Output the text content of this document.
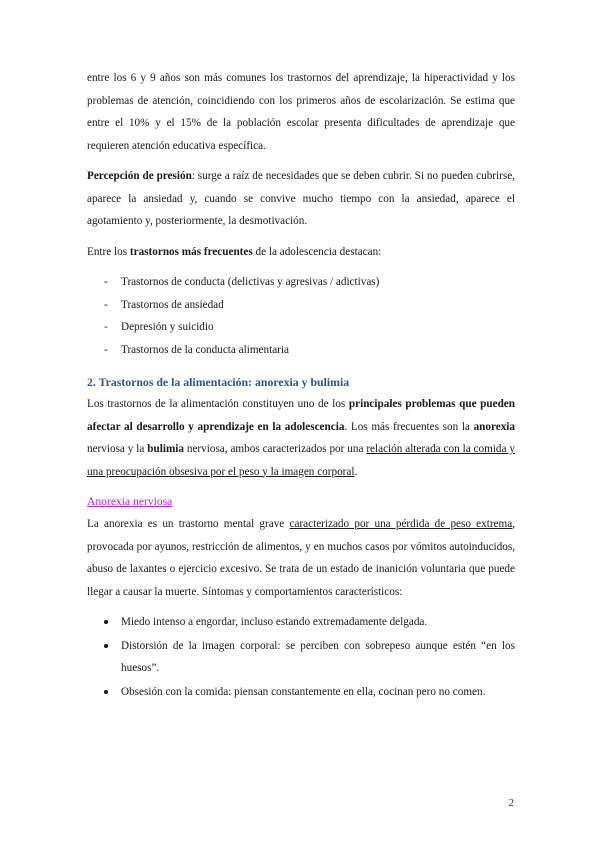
entre los 6 y 9 años son más comunes los trastornos del aprendizaje, la hiperactividad y los problemas de atención, coincidiendo con los primeros años de escolarización. Se estima que entre el 10% y el 15% de la población escolar presenta dificultades de aprendizaje que requieren atención educativa específica.

Percepción de presión: surge a raíz de necesidades que se deben cubrir. Si no pueden cubrirse, aparece la ansiedad y, cuando se convive mucho tiempo con la ansiedad, aparece el agotamiento y, posteriormente, la desmotivación.

Entre los trastornos más frecuentes de la adolescencia destacan:

- Trastornos de conducta (delictivas y agresivas / adictivas)
- Trastornos de ansiedad
- Depresión y suicidio
- Trastornos de la conducta alimentaria
2. Trastornos de la alimentación: anorexia y bulimia

Los trastornos de la alimentación constituyen uno de los principales problemas que pueden afectar al desarrollo y aprendizaje en la adolescencia. Los más frecuentes son la anorexia nerviosa y la bulimia nerviosa, ambos caracterizados por una relación alterada con la comida y una preocupación obsesiva por el peso y la imagen corporal.

Anorexia nerviosa

La anorexia es un trastorno mental grave caracterizado por una pérdida de peso extrema, provocada por ayunos, restricción de alimentos, y en muchos casos por vómitos autoinducidos, abuso de laxantes o ejercicio excesivo. Se trata de un estado de inanición voluntaria que puede llegar a causar la muerte. Síntomas y comportamientos característicos:

Miedo intenso a engordar, incluso estando extremadamente delgada.
Distorsión de la imagen corporal: se perciben con sobrepeso aunque estén “en los huesos”.
Obsesión con la comida: piensan constantemente en ella, cocinan pero no comen.
2
